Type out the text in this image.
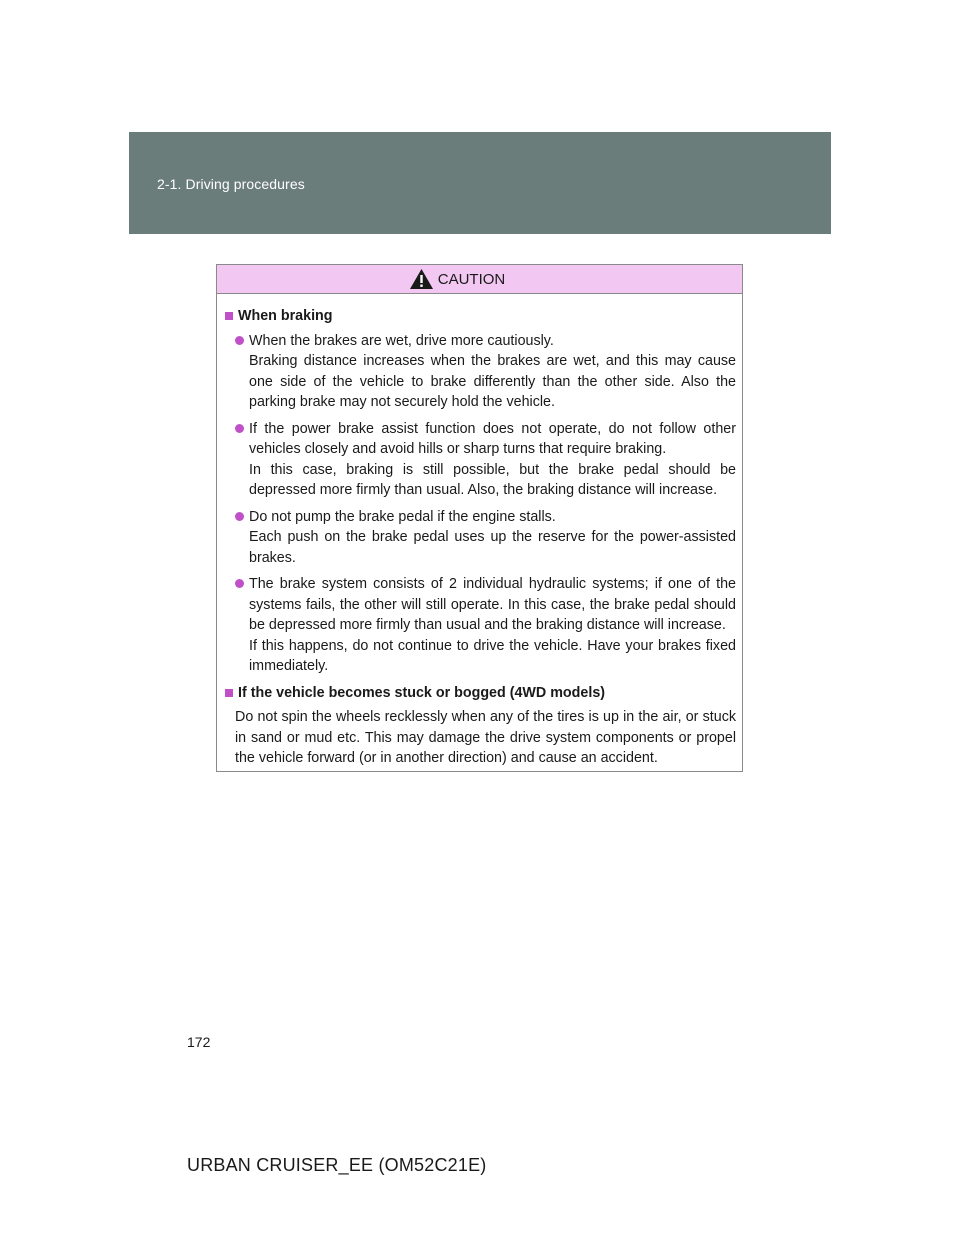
2-1. Driving procedures
CAUTION
When braking
When the brakes are wet, drive more cautiously.
Braking distance increases when the brakes are wet, and this may cause one side of the vehicle to brake differently than the other side. Also the parking brake may not securely hold the vehicle.
If the power brake assist function does not operate, do not follow other vehicles closely and avoid hills or sharp turns that require braking.
In this case, braking is still possible, but the brake pedal should be depressed more firmly than usual. Also, the braking distance will increase.
Do not pump the brake pedal if the engine stalls.
Each push on the brake pedal uses up the reserve for the power-assisted brakes.
The brake system consists of 2 individual hydraulic systems; if one of the systems fails, the other will still operate. In this case, the brake pedal should be depressed more firmly than usual and the braking distance will increase.
If this happens, do not continue to drive the vehicle. Have your brakes fixed immediately.
If the vehicle becomes stuck or bogged (4WD models)
Do not spin the wheels recklessly when any of the tires is up in the air, or stuck in sand or mud etc. This may damage the drive system components or propel the vehicle forward (or in another direction) and cause an accident.
172
URBAN CRUISER_EE (OM52C21E)
